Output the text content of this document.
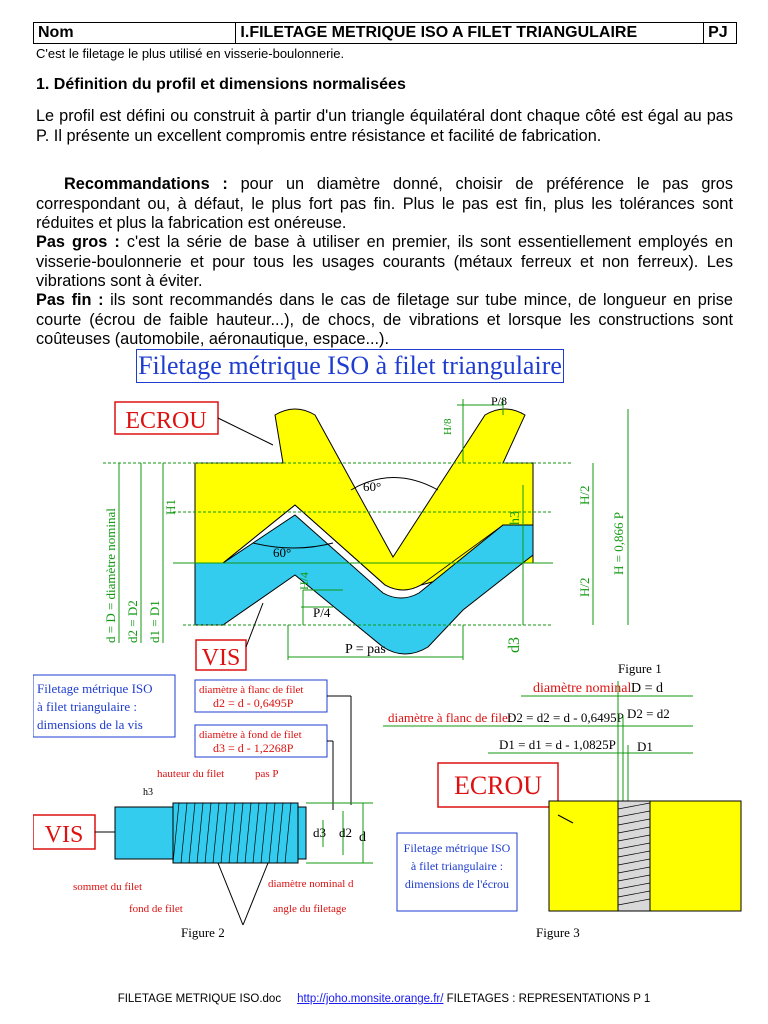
Nom	I.FILETAGE METRIQUE ISO A FILET TRIANGULAIRE	PJ
C'est le filetage le plus utilisé en visserie-boulonnerie.
1. Définition du profil et dimensions normalisées
Le profil est défini ou construit à partir d'un triangle équilatéral dont chaque côté est égal au pas P. Il présente un excellent compromis entre résistance et facilité de fabrication.
Recommandations : pour un diamètre donné, choisir de préférence le pas gros correspondant ou, à défaut, le plus fort pas fin. Plus le pas est fin, plus les tolérances sont réduites et plus la fabrication est onéreuse.
Pas gros : c'est la série de base à utiliser en premier, ils sont essentiellement employés en visserie-boulonnerie et pour tous les usages courants (métaux ferreux et non ferreux). Les vibrations sont à éviter.
Pas fin : ils sont recommandés dans le cas de filetage sur tube mince, de longueur en prise courte (écrou de faible hauteur...), de chocs, de vibrations et lorsque les constructions sont coûteuses (automobile, aéronautique, espace...).
Filetage métrique ISO à filet triangulaire
ECROU
VIS
60°
60°
P/8
H/8
P/4
H/4
H1
h3
H/2
H/2
H = 0,866 P
d3
d = D = diamètre nominal d2 = D2 d1 = D1
P = pas
Figure 1
Filetage métrique ISO
à filet triangulaire :
dimensions de la vis
diamètre à flanc de filet
d2 = d - 0,6495P
diamètre à fond de filet
d3 = d - 1,2268P
hauteur du filet	pas P
h3
d3 d2 d
VIS
sommet du filet
fond de filet
diamètre nominal d
angle du filetage
Figure 2
diamètre nominal D = d
diamètre à flanc de filet
D2 = d2 = d - 0,6495P D2 = d2
D1 = d1 = d - 1,0825P D1
ECROU
Filetage métrique ISO
à filet triangulaire :
dimensions de l'écrou
Figure 3
FILETAGE METRIQUE ISO.doc http://joho.monsite.orange.fr/ FILETAGES : REPRESENTATIONS P 1
